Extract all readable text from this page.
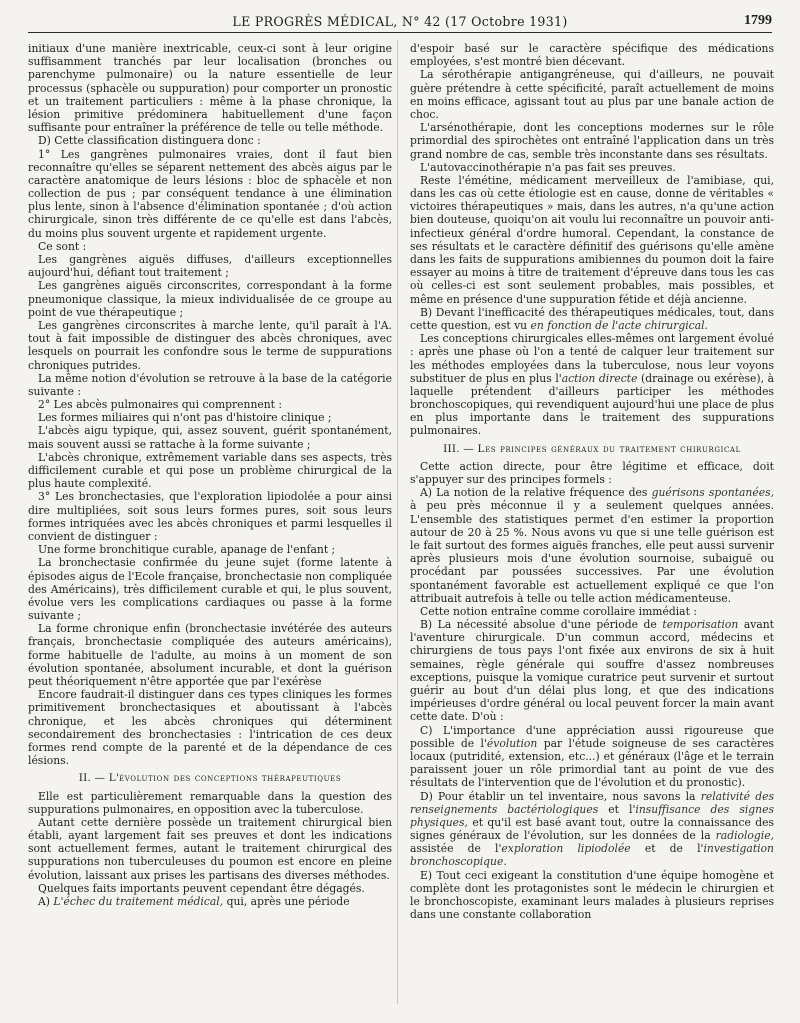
LE PROGRÈS MÉDICAL, N° 42 (17 Octobre 1931)	1799

initiaux d'une manière inextricable, ceux-ci sont à leur origine suffisamment tranchés par leur localisation (bronches ou parenchyme pulmonaire) ou la nature essentielle de leur processus (sphacèle ou suppuration) pour comporter un pronostic et un traitement particuliers : même à la phase chronique, la lésion primitive prédominera habituellement d'une façon suffisante pour entraîner la préférence de telle ou telle méthode.

D) Cette classification distinguera donc :

1° Les gangrènes pulmonaires vraies, dont il faut bien reconnaître qu'elles se séparent nettement des abcès aigus par le caractère anatomique de leurs lésions : bloc de sphacèle et non collection de pus ; par conséquent tendance à une élimination plus lente, sinon à l'absence d'élimination spontanée ; d'où action chirurgicale, sinon très différente de ce qu'elle est dans l'abcès, du moins plus souvent urgente et rapidement urgente.

Ce sont :

Les gangrènes aiguës diffuses, d'ailleurs exceptionnelles aujourd'hui, défiant tout traitement ;

Les gangrènes aiguës circonscrites, correspondant à la forme pneumonique classique, la mieux individualisée de ce groupe au point de vue thérapeutique ;

Les gangrènes circonscrites à marche lente, qu'il paraît à l'A. tout à fait impossible de distinguer des abcès chroniques, avec lesquels on pourrait les confondre sous le terme de suppurations chroniques putrides.

La même notion d'évolution se retrouve à la base de la catégorie suivante :

2° Les abcès pulmonaires qui comprennent :

Les formes miliaires qui n'ont pas d'histoire clinique ;

L'abcès aigu typique, qui, assez souvent, guérit spontanément, mais souvent aussi se rattache à la forme suivante ;

L'abcès chronique, extrêmement variable dans ses aspects, très difficilement curable et qui pose un problème chirurgical de la plus haute complexité.

3° Les bronchectasies, que l'exploration lipiodolée a pour ainsi dire multipliées, soit sous leurs formes pures, soit sous leurs formes intriquées avec les abcès chroniques et parmi lesquelles il convient de distinguer :

Une forme bronchitique curable, apanage de l'enfant ;

La bronchectasie confirmée du jeune sujet (forme latente à épisodes aigus de l'Ecole française, bronchectasie non compliquée des Américains), très difficilement curable et qui, le plus souvent, évolue vers les complications cardiaques ou passe à la forme suivante ;

La forme chronique enfin (bronchectasie invétérée des auteurs français, bronchectasie compliquée des auteurs américains), forme habituelle de l'adulte, au moins à un moment de son évolution spontanée, absolument incurable, et dont la guérison peut théoriquement n'être apportée que par l'exérèse

Encore faudrait-il distinguer dans ces types cliniques les formes primitivement bronchectasiques et aboutissant à l'abcès chronique, et les abcès chroniques qui déterminent secondairement des bronchectasies : l'intrication de ces deux formes rend compte de la parenté et de la dépendance de ces lésions.

II. — L'évolution des conceptions thérapeutiques

Elle est particulièrement remarquable dans la question des suppurations pulmonaires, en opposition avec la tuberculose.

Autant cette dernière possède un traitement chirurgical bien établi, ayant largement fait ses preuves et dont les indications sont actuellement fermes, autant le traitement chirurgical des suppurations non tuberculeuses du poumon est encore en pleine évolution, laissant aux prises les partisans des diverses méthodes.

Quelques faits importants peuvent cependant être dégagés.

A) L'échec du traitement médical, qui, après une période

d'espoir basé sur le caractère spécifique des médications employées, s'est montré bien décevant.

La sérothérapie antigangréneuse, qui d'ailleurs, ne pouvait guère prétendre à cette spécificité, paraît actuellement de moins en moins efficace, agissant tout au plus par une banale action de choc.

L'arsénothérapie, dont les conceptions modernes sur le rôle primordial des spirochètes ont entraîné l'application dans un très grand nombre de cas, semble très inconstante dans ses résultats.

L'autovaccinothérapie n'a pas fait ses preuves.

Reste l'émétine, médicament merveilleux de l'amibiase, qui, dans les cas où cette étiologie est en cause, donne de véritables « victoires thérapeutiques » mais, dans les autres, n'a qu'une action bien douteuse, quoiqu'on ait voulu lui reconnaître un pouvoir anti-infectieux général d'ordre humoral. Cependant, la constance de ses résultats et le caractère définitif des guérisons qu'elle amène dans les faits de suppurations amibiennes du poumon doit la faire essayer au moins à titre de traitement d'épreuve dans tous les cas où celles-ci est sont seulement probables, mais possibles, et même en présence d'une suppuration fétide et déjà ancienne.

B) Devant l'inefficacité des thérapeutiques médicales, tout, dans cette question, est vu en fonction de l'acte chirurgical.

Les conceptions chirurgicales elles-mêmes ont largement évolué : après une phase où l'on a tenté de calquer leur traitement sur les méthodes employées dans la tuberculose, nous leur voyons substituer de plus en plus l'action directe (drainage ou exérèse), à laquelle prétendent d'ailleurs participer les méthodes bronchoscopiques, qui revendiquent aujourd'hui une place de plus en plus importante dans le traitement des suppurations pulmonaires.

III. — Les principes généraux du traitement chirurgical

Cette action directe, pour être légitime et efficace, doit s'appuyer sur des principes formels :

A) La notion de la relative fréquence des guérisons spontanées, à peu près méconnue il y a seulement quelques années. L'ensemble des statistiques permet d'en estimer la proportion autour de 20 à 25 %. Nous avons vu que si une telle guérison est le fait surtout des formes aiguës franches, elle peut aussi survenir après plusieurs mois d'une évolution sournoise, subaiguë ou procédant par poussées successives. Par une évolution spontanément favorable est actuellement expliqué ce que l'on attribuait autrefois à telle ou telle action médicamenteuse.

Cette notion entraîne comme corollaire immédiat :

B) La nécessité absolue d'une période de temporisation avant l'aventure chirurgicale. D'un commun accord, médecins et chirurgiens de tous pays l'ont fixée aux environs de six à huit semaines, règle générale qui souffre d'assez nombreuses exceptions, puisque la vomique curatrice peut survenir et surtout guérir au bout d'un délai plus long, et que des indications impérieuses d'ordre général ou local peuvent forcer la main avant cette date. D'où :

C) L'importance d'une appréciation aussi rigoureuse que possible de l'évolution par l'étude soigneuse de ses caractères locaux (putridité, extension, etc...) et généraux (l'âge et le terrain paraissent jouer un rôle primordial tant au point de vue des résultats de l'intervention que de l'évolution et du pronostic).

D) Pour établir un tel inventaire, nous savons la relativité des renseignements bactériologiques et l'insuffisance des signes physiques, et qu'il est basé avant tout, outre la connaissance des signes généraux de l'évolution, sur les données de la radiologie, assistée de l'exploration lipiodolée et de l'investigation bronchoscopique.

E) Tout ceci exigeant la constitution d'une équipe homogène et complète dont les protagonistes sont le médecin le chirurgien et le bronchoscopiste, examinant leurs malades à plusieurs reprises dans une constante collaboration
